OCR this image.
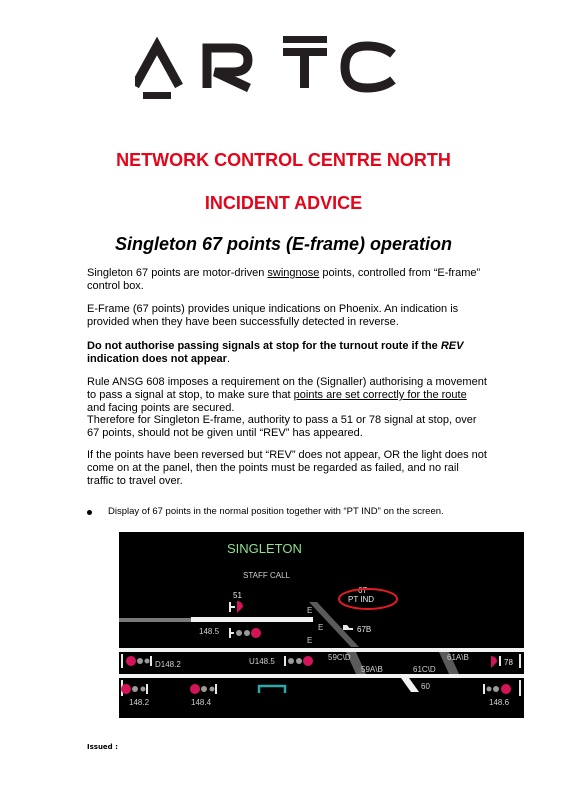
NETWORK CONTROL CENTRE NORTH
INCIDENT ADVICE
Singleton 67 points (E-frame) operation
Singleton 67 points are motor-driven swingnose points, controlled from “E-frame” control box.
E-Frame (67 points) provides unique indications on Phoenix. An indication is provided when they have been successfully detected in reverse.
Do not authorise passing signals at stop for the turnout route if the REV indication does not appear.
Rule ANSG 608 imposes a requirement on the (Signaller) authorising a movement to pass a signal at stop, to make sure that points are set correctly for the route and facing points are secured.
Therefore for Singleton E-frame, authority to pass a 51 or 78 signal at stop, over 67 points, should not be given until “REV” has appeared.
If the points have been reversed but “REV” does not appear, OR the light does not come on at the panel, then the points must be regarded as failed, and no rail traffic to travel over.
Display of 67 points in the normal position together with “PT IND” on the screen.
SINGLETON
STAFF CALL
67
PT IND
51
E
E
E
148.5	67B
D148.2	U148.5	59C\D
59A\B	61C\D
61A\B
78
60
148.2	148.4	148.6
Issued :
